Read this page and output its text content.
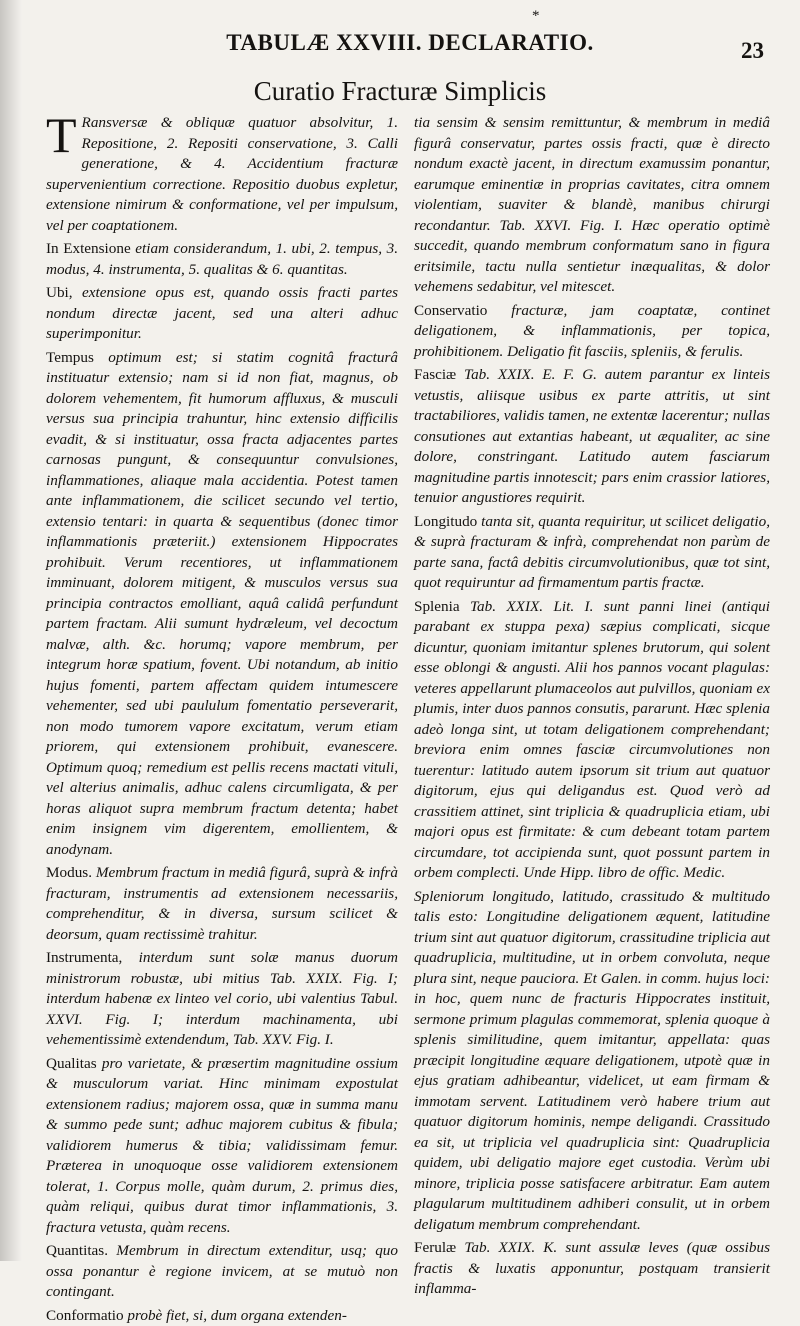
*
TABULÆ XXVIII. DECLARATIO.	23
Curatio Fracturæ Simplicis

T Ransversæ & obliquæ quatuor absolvitur, 1. Repositione, 2. Repositi conservatione, 3. Calli generatione, & 4. Accidentium fracturæ supervenientium correctione. Repositio duobus expletur, extensione nimirum & conformatione, vel per impulsum, vel per coaptationem.

In Extensione etiam considerandum, 1. ubi, 2. tempus, 3. modus, 4. instrumenta, 5. qualitas & 6. quantitas.

Ubi, extensione opus est, quando ossis fracti partes nondum directæ jacent, sed una alteri adhuc superimponitur.

Tempus optimum est; si statim cognitâ fracturâ instituatur extensio; nam si id non fiat, magnus, ob dolorem vehementem, fit humorum affluxus, & musculi versus sua principia trahuntur, hinc extensio difficilis evadit, & si instituatur, ossa fracta adjacentes partes carnosas pungunt, & consequuntur convulsiones, inflammationes, aliaque mala accidentia. Potest tamen ante inflammationem, die scilicet secundo vel tertio, extensio tentari: in quarta & sequentibus (donec timor inflammationis præteriit.) extensionem Hippocrates prohibuit. Verum recentiores, ut inflammationem imminuant, dolorem mitigent, & musculos versus sua principia contractos emolliant, aquâ calidâ perfundunt partem fractam. Alii sumunt hydræleum, vel decoctum malvæ, alth. &c. horumq; vapore membrum, per integrum horæ spatium, fovent. Ubi notandum, ab initio hujus fomenti, partem affectam quidem intumescere vehementer, sed ubi paululum fomentatio perseverarit, non modo tumorem vapore excitatum, verum etiam priorem, qui extensionem prohibuit, evanescere. Optimum quoq; remedium est pellis recens mactati vituli, vel alterius animalis, adhuc calens circumligata, & per horas aliquot supra membrum fractum detenta; habet enim insignem vim digerentem, emollientem, & anodynam.

Modus. Membrum fractum in mediâ figurâ, suprà & infrà fracturam, instrumentis ad extensionem necessariis, comprehenditur, & in diversa, sursum scilicet & deorsum, quam rectissimè trahitur.

Instrumenta, interdum sunt solæ manus duorum ministrorum robustæ, ubi mitius Tab. XXIX. Fig. I; interdum habenæ ex linteo vel corio, ubi valentius Tabul. XXVI. Fig. I; interdum machinamenta, ubi vehementissimè extendendum, Tab. XXV. Fig. I.

Qualitas pro varietate, & præsertim magnitudine ossium & musculorum variat. Hinc minimam expostulat extensionem radius; majorem ossa, quæ in summa manu & summo pede sunt; adhuc majorem cubitus & fibula; validiorem humerus & tibia; validissimam femur. Præterea in unoquoque osse validiorem extensionem tolerat, 1. Corpus molle, quàm durum, 2. primus dies, quàm reliqui, quibus durat timor inflammationis, 3. fractura vetusta, quàm recens.

Quantitas. Membrum in directum extenditur, usq; quo ossa ponantur è regione invicem, at se mutuò non contingant.

Conformatio probè fiet, si, dum organa extenden-

tia sensim & sensim remittuntur, & membrum in mediâ figurâ conservatur, partes ossis fracti, quæ è directo nondum exactè jacent, in directum examussim ponantur, earumque eminentiæ in proprias cavitates, citra omnem violentiam, suaviter & blandè, manibus chirurgi recondantur. Tab. XXVI. Fig. I. Hæc operatio optimè succedit, quando membrum conformatum sano in figura eritsimile, tactu nulla sentietur inæqualitas, & dolor vehemens sedabitur, vel mitescet.

Conservatio fracturæ, jam coaptatæ, continet deligationem, & inflammationis, per topica, prohibitionem. Deligatio fit fasciis, spleniis, & ferulis.

Fasciæ Tab. XXIX. E. F. G. autem parantur ex linteis vetustis, aliisque usibus ex parte attritis, ut sint tractabiliores, validis tamen, ne extentæ lacerentur; nullas consutiones aut extantias habeant, ut æqualiter, ac sine dolore, constringant. Latitudo autem fasciarum magnitudine partis innotescit; pars enim crassior latiores, tenuior angustiores requirit.

Longitudo tanta sit, quanta requiritur, ut scilicet deligatio, & suprà fracturam & infrà, comprehendat non parùm de parte sana, factâ debitis circumvolutionibus, quæ tot sint, quot requiruntur ad firmamentum partis fractæ.

Splenia Tab. XXIX. Lit. I. sunt panni linei (antiqui parabant ex stuppa pexa) sæpius complicati, sicque dicuntur, quoniam imitantur splenes brutorum, qui solent esse oblongi & angusti. Alii hos pannos vocant plagulas: veteres appellarunt plumaceolos aut pulvillos, quoniam ex plumis, inter duos pannos consutis, pararunt. Hæc splenia adeò longa sint, ut totam deligationem comprehendant; breviora enim omnes fasciæ circumvolutiones non tuerentur: latitudo autem ipsorum sit trium aut quatuor digitorum, ejus qui deligandus est. Quod verò ad crassitiem attinet, sint triplicia & quadruplicia etiam, ubi majori opus est firmitate: & cum debeant totam partem circumdare, tot accipienda sunt, quot possunt partem in orbem complecti. Unde Hipp. libro de offic. Medic.

Spleniorum longitudo, latitudo, crassitudo & multitudo talis esto: Longitudine deligationem æquent, latitudine trium sint aut quatuor digitorum, crassitudine triplicia aut quadruplicia, multitudine, ut in orbem convoluta, neque plura sint, neque pauciora. Et Galen. in comm. hujus loci: in hoc, quem nunc de fracturis Hippocrates instituit, sermone primum plagulas commemorat, splenia quoque à splenis similitudine, quem imitantur, appellata: quas præcipit longitudine æquare deligationem, utpotè quæ in ejus gratiam adhibeantur, videlicet, ut eam firmam & immotam servent. Latitudinem verò habere trium aut quatuor digitorum hominis, nempe deligandi. Crassitudo ea sit, ut triplicia vel quadruplicia sint: Quadruplicia quidem, ubi deligatio majore eget custodia. Verùm ubi minore, triplicia posse satisfacere arbitratur. Eam autem plagularum multitudinem adhiberi consulit, ut in orbem deligatum membrum comprehendant.

Ferulæ Tab. XXIX. K. sunt assulæ leves (quæ ossibus fractis & luxatis apponuntur, postquam transierit inflamma-
